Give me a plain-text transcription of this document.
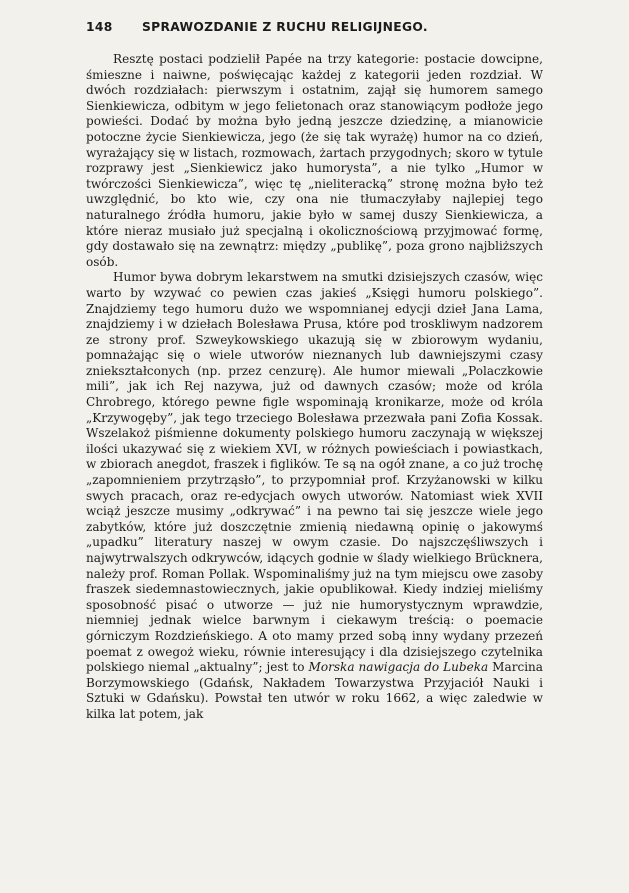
148	SPRAWOZDANIE Z RUCHU RELIGIJNEGO.

Resztę postaci podzielił Papée na trzy kategorie: postacie dowcipne, śmieszne i naiwne, poświęcając każdej z kategorii jeden rozdział. W dwóch rozdziałach: pierwszym i ostatnim, zajął się humorem samego Sienkiewicza, odbitym w jego felietonach oraz stanowiącym podłoże jego powieści. Dodać by można było jedną jeszcze dziedzinę, a mianowicie potoczne życie Sienkiewicza, jego (że się tak wyrażę) humor na co dzień, wyrażający się w listach, rozmowach, żartach przygodnych; skoro w tytule rozprawy jest „Sienkiewicz jako humorysta”, a nie tylko „Humor w twórczości Sienkiewicza”, więc tę „nieliteracką” stronę można było też uwzględnić, bo kto wie, czy ona nie tłumaczyłaby najlepiej tego naturalnego źródła humoru, jakie było w samej duszy Sienkiewicza, a które nieraz musiało już specjalną i okolicznościową przyjmować formę, gdy dostawało się na zewnątrz: między „publikę”, poza grono najbliższych osób.

Humor bywa dobrym lekarstwem na smutki dzisiejszych czasów, więc warto by wzywać co pewien czas jakieś „Księgi humoru polskiego”. Znajdziemy tego humoru dużo we wspomnianej edycji dzieł Jana Lama, znajdziemy i w dziełach Bolesława Prusa, które pod troskliwym nadzorem ze strony prof. Szweykowskiego ukazują się w zbiorowym wydaniu, pomnażając się o wiele utworów nieznanych lub dawniejszymi czasy zniekształconych (np. przez cenzurę). Ale humor miewali „Polaczkowie mili”, jak ich Rej nazywa, już od dawnych czasów; może od króla Chrobrego, którego pewne figle wspominają kronikarze, może od króla „Krzywogęby”, jak tego trzeciego Bolesława przezwała pani Zofia Kossak. Wszelakoż piśmienne dokumenty polskiego humoru zaczynają w większej ilości ukazywać się z wiekiem XVI, w różnych powieściach i powiastkach, w zbiorach anegdot, fraszek i figlików. Te są na ogół znane, a co już trochę „zapomnieniem przytrząsło”, to przypomniał prof. Krzyżanowski w kilku swych pracach, oraz re-edycjach owych utworów. Natomiast wiek XVII wciąż jeszcze musimy „odkrywać” i na pewno tai się jeszcze wiele jego zabytków, które już doszczętnie zmienią niedawną opinię o jakowymś „upadku” literatury naszej w owym czasie. Do najszczęśliwszych i najwytrwalszych odkrywców, idących godnie w ślady wielkiego Brücknera, należy prof. Roman Pollak. Wspominaliśmy już na tym miejscu owe zasoby fraszek siedemnastowiecznych, jakie opublikował. Kiedy indziej mieliśmy sposobność pisać o utworze — już nie humorystycznym wprawdzie, niemniej jednak wielce barwnym i ciekawym treścią: o poemacie górniczym Rozdzieńskiego. A oto mamy przed sobą inny wydany przezeń poemat z owegoż wieku, równie interesujący i dla dzisiejszego czytelnika polskiego niemal „aktualny”; jest to Morska nawigacja do Lubeka Marcina Borzymowskiego (Gdańsk, Nakładem Towarzystwa Przyjaciół Nauki i Sztuki w Gdańsku). Powstał ten utwór w roku 1662, a więc zaledwie w kilka lat potem, jak
